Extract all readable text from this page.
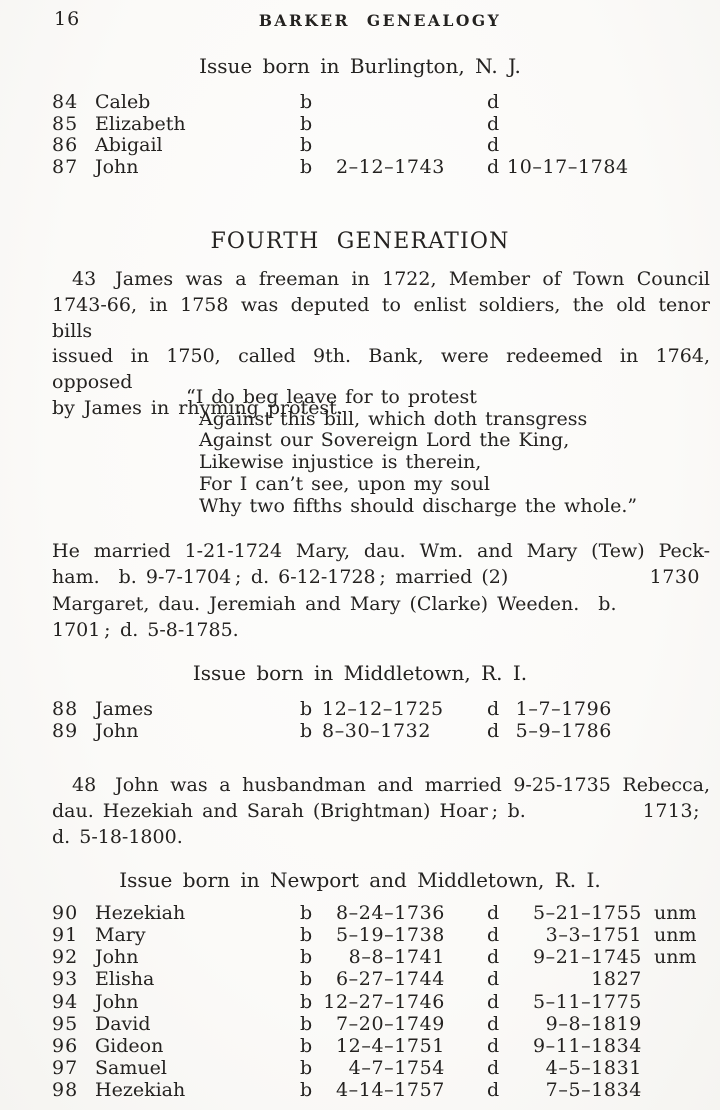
16	BARKER GENEALOGY
Issue born in Burlington, N. J.
84 Caleb	b	d
85 Elizabeth	b	d
86 Abigail	b	d
87 John	b	2–12–1743 d 10–17–1784
FOURTH GENERATION
43 James was a freeman in 1722, Member of Town Council
1743-66, in 1758 was deputed to enlist soldiers, the old tenor bills
issued in 1750, called 9th. Bank, were redeemed in 1764, opposed
by James in rhyming protest.
“I do beg leave for to protest
Against this bill, which doth transgress
Against our Sovereign Lord the King,
Likewise injustice is therein,
For I can’t see, upon my soul
Why two fifths should discharge the whole.”
He married 1-21-1724 Mary, dau. Wm. and Mary (Tew) Peck-
ham. b. 9-7-1704 ; d. 6-12-1728 ; married (2)	1730
Margaret, dau. Jeremiah and Mary (Clarke) Weeden. b.
1701 ; d. 5-8-1785.
Issue born in Middletown, R. I.
88 James	b 12–12–1725 d 1–7–1796
89 John	b 8–30–1732	d 5–9–1786
48 John was a husbandman and married 9-25-1735 Rebecca,
dau. Hezekiah and Sarah (Brightman) Hoar ; b.	1713;
d. 5-18-1800.
Issue born in Newport and Middletown, R. I.
90 Hezekiah	b	8–24–1736 d	5–21–1755 unm
91 Mary	b	5–19–1738 d	3–3–1751 unm
92 John	b	8–8–1741 d	9–21–1745 unm
93 Elisha	b	6–27–1744 d	1827
94 John	b 12–27–1746 d	5–11–1775
95 David	b	7–20–1749 d	9–8–1819
96 Gideon	b	12–4–1751 d	9–11–1834
97 Samuel	b	4–7–1754 d	4–5–1831
98 Hezekiah	b	4–14–1757 d	7–5–1834
